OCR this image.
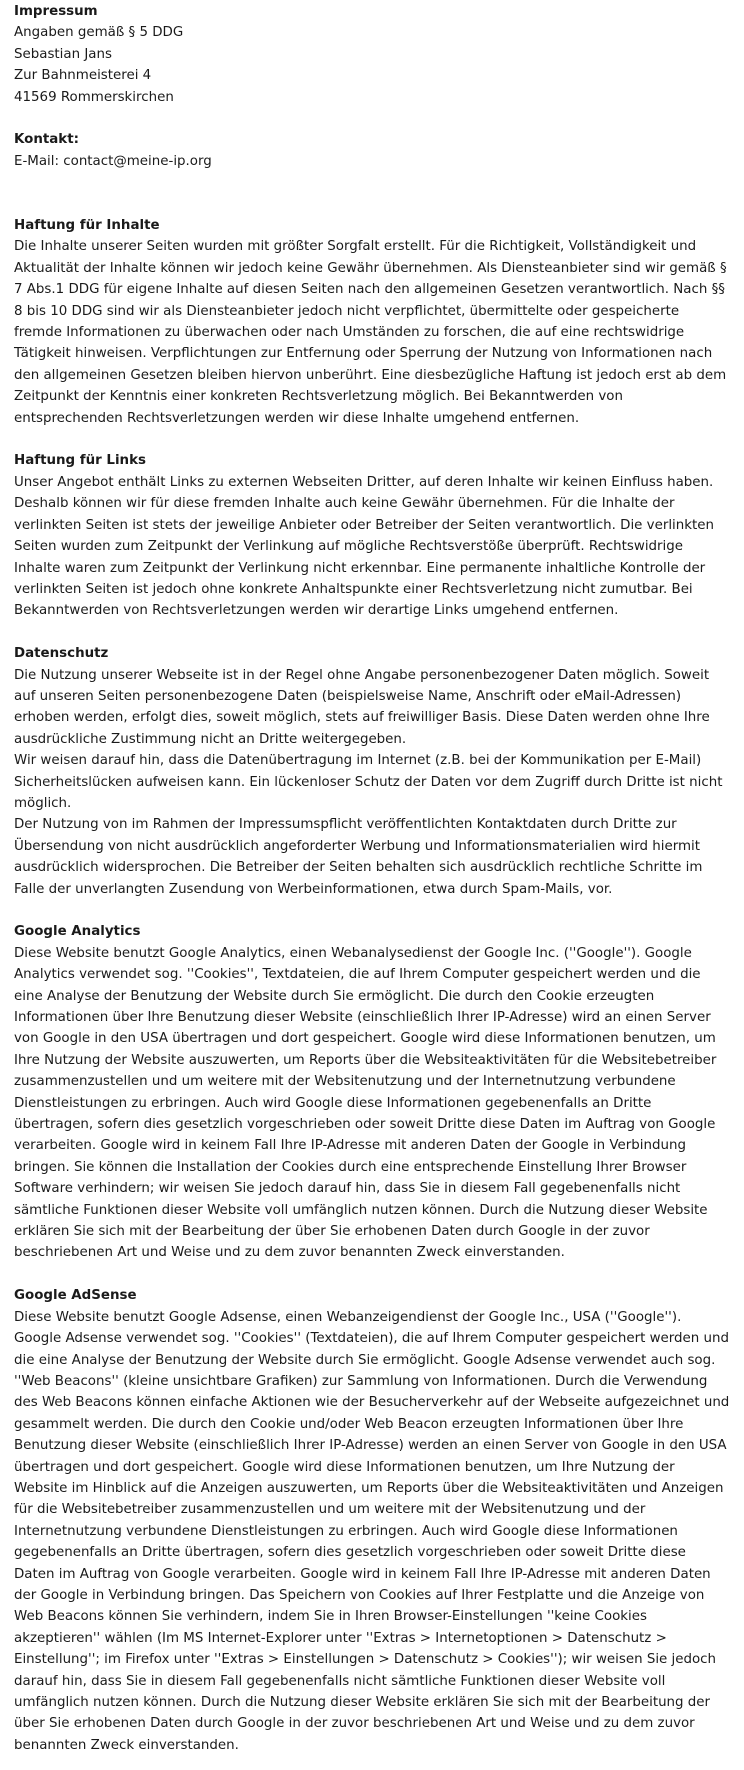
Impressum
Angaben gemäß § 5 DDG
Sebastian Jans
Zur Bahnmeisterei 4
41569 Rommerskirchen
Kontakt:
E-Mail: contact@meine-ip.org
Haftung für Inhalte
Die Inhalte unserer Seiten wurden mit größter Sorgfalt erstellt. Für die Richtigkeit, Vollständigkeit und Aktualität der Inhalte können wir jedoch keine Gewähr übernehmen. Als Diensteanbieter sind wir gemäß § 7 Abs.1 DDG für eigene Inhalte auf diesen Seiten nach den allgemeinen Gesetzen verantwortlich. Nach §§ 8 bis 10 DDG sind wir als Diensteanbieter jedoch nicht verpflichtet, übermittelte oder gespeicherte fremde Informationen zu überwachen oder nach Umständen zu forschen, die auf eine rechtswidrige Tätigkeit hinweisen. Verpflichtungen zur Entfernung oder Sperrung der Nutzung von Informationen nach den allgemeinen Gesetzen bleiben hiervon unberührt. Eine diesbezügliche Haftung ist jedoch erst ab dem Zeitpunkt der Kenntnis einer konkreten Rechtsverletzung möglich. Bei Bekanntwerden von entsprechenden Rechtsverletzungen werden wir diese Inhalte umgehend entfernen.
Haftung für Links
Unser Angebot enthält Links zu externen Webseiten Dritter, auf deren Inhalte wir keinen Einfluss haben. Deshalb können wir für diese fremden Inhalte auch keine Gewähr übernehmen. Für die Inhalte der verlinkten Seiten ist stets der jeweilige Anbieter oder Betreiber der Seiten verantwortlich. Die verlinkten Seiten wurden zum Zeitpunkt der Verlinkung auf mögliche Rechtsverstöße überprüft. Rechtswidrige Inhalte waren zum Zeitpunkt der Verlinkung nicht erkennbar. Eine permanente inhaltliche Kontrolle der verlinkten Seiten ist jedoch ohne konkrete Anhaltspunkte einer Rechtsverletzung nicht zumutbar. Bei Bekanntwerden von Rechtsverletzungen werden wir derartige Links umgehend entfernen.
Datenschutz
Die Nutzung unserer Webseite ist in der Regel ohne Angabe personenbezogener Daten möglich. Soweit auf unseren Seiten personenbezogene Daten (beispielsweise Name, Anschrift oder eMail-Adressen) erhoben werden, erfolgt dies, soweit möglich, stets auf freiwilliger Basis. Diese Daten werden ohne Ihre ausdrückliche Zustimmung nicht an Dritte weitergegeben.
Wir weisen darauf hin, dass die Datenübertragung im Internet (z.B. bei der Kommunikation per E-Mail) Sicherheitslücken aufweisen kann. Ein lückenloser Schutz der Daten vor dem Zugriff durch Dritte ist nicht möglich.
Der Nutzung von im Rahmen der Impressumspflicht veröffentlichten Kontaktdaten durch Dritte zur Übersendung von nicht ausdrücklich angeforderter Werbung und Informationsmaterialien wird hiermit ausdrücklich widersprochen. Die Betreiber der Seiten behalten sich ausdrücklich rechtliche Schritte im Falle der unverlangten Zusendung von Werbeinformationen, etwa durch Spam-Mails, vor.
Google Analytics
Diese Website benutzt Google Analytics, einen Webanalysedienst der Google Inc. (''Google''). Google Analytics verwendet sog. ''Cookies'', Textdateien, die auf Ihrem Computer gespeichert werden und die eine Analyse der Benutzung der Website durch Sie ermöglicht. Die durch den Cookie erzeugten Informationen über Ihre Benutzung dieser Website (einschließlich Ihrer IP-Adresse) wird an einen Server von Google in den USA übertragen und dort gespeichert. Google wird diese Informationen benutzen, um Ihre Nutzung der Website auszuwerten, um Reports über die Websiteaktivitäten für die Websitebetreiber zusammenzustellen und um weitere mit der Websitenutzung und der Internetnutzung verbundene Dienstleistungen zu erbringen. Auch wird Google diese Informationen gegebenenfalls an Dritte übertragen, sofern dies gesetzlich vorgeschrieben oder soweit Dritte diese Daten im Auftrag von Google verarbeiten. Google wird in keinem Fall Ihre IP-Adresse mit anderen Daten der Google in Verbindung bringen. Sie können die Installation der Cookies durch eine entsprechende Einstellung Ihrer Browser Software verhindern; wir weisen Sie jedoch darauf hin, dass Sie in diesem Fall gegebenenfalls nicht sämtliche Funktionen dieser Website voll umfänglich nutzen können. Durch die Nutzung dieser Website erklären Sie sich mit der Bearbeitung der über Sie erhobenen Daten durch Google in der zuvor beschriebenen Art und Weise und zu dem zuvor benannten Zweck einverstanden.
Google AdSense
Diese Website benutzt Google Adsense, einen Webanzeigendienst der Google Inc., USA (''Google''). Google Adsense verwendet sog. ''Cookies'' (Textdateien), die auf Ihrem Computer gespeichert werden und die eine Analyse der Benutzung der Website durch Sie ermöglicht. Google Adsense verwendet auch sog. ''Web Beacons'' (kleine unsichtbare Grafiken) zur Sammlung von Informationen. Durch die Verwendung des Web Beacons können einfache Aktionen wie der Besucherverkehr auf der Webseite aufgezeichnet und gesammelt werden. Die durch den Cookie und/oder Web Beacon erzeugten Informationen über Ihre Benutzung dieser Website (einschließlich Ihrer IP-Adresse) werden an einen Server von Google in den USA übertragen und dort gespeichert. Google wird diese Informationen benutzen, um Ihre Nutzung der Website im Hinblick auf die Anzeigen auszuwerten, um Reports über die Websiteaktivitäten und Anzeigen für die Websitebetreiber zusammenzustellen und um weitere mit der Websitenutzung und der Internetnutzung verbundene Dienstleistungen zu erbringen. Auch wird Google diese Informationen gegebenenfalls an Dritte übertragen, sofern dies gesetzlich vorgeschrieben oder soweit Dritte diese Daten im Auftrag von Google verarbeiten. Google wird in keinem Fall Ihre IP-Adresse mit anderen Daten der Google in Verbindung bringen. Das Speichern von Cookies auf Ihrer Festplatte und die Anzeige von Web Beacons können Sie verhindern, indem Sie in Ihren Browser-Einstellungen ''keine Cookies akzeptieren'' wählen (Im MS Internet-Explorer unter ''Extras > Internetoptionen > Datenschutz > Einstellung''; im Firefox unter ''Extras > Einstellungen > Datenschutz > Cookies''); wir weisen Sie jedoch darauf hin, dass Sie in diesem Fall gegebenenfalls nicht sämtliche Funktionen dieser Website voll umfänglich nutzen können. Durch die Nutzung dieser Website erklären Sie sich mit der Bearbeitung der über Sie erhobenen Daten durch Google in der zuvor beschriebenen Art und Weise und zu dem zuvor benannten Zweck einverstanden.
